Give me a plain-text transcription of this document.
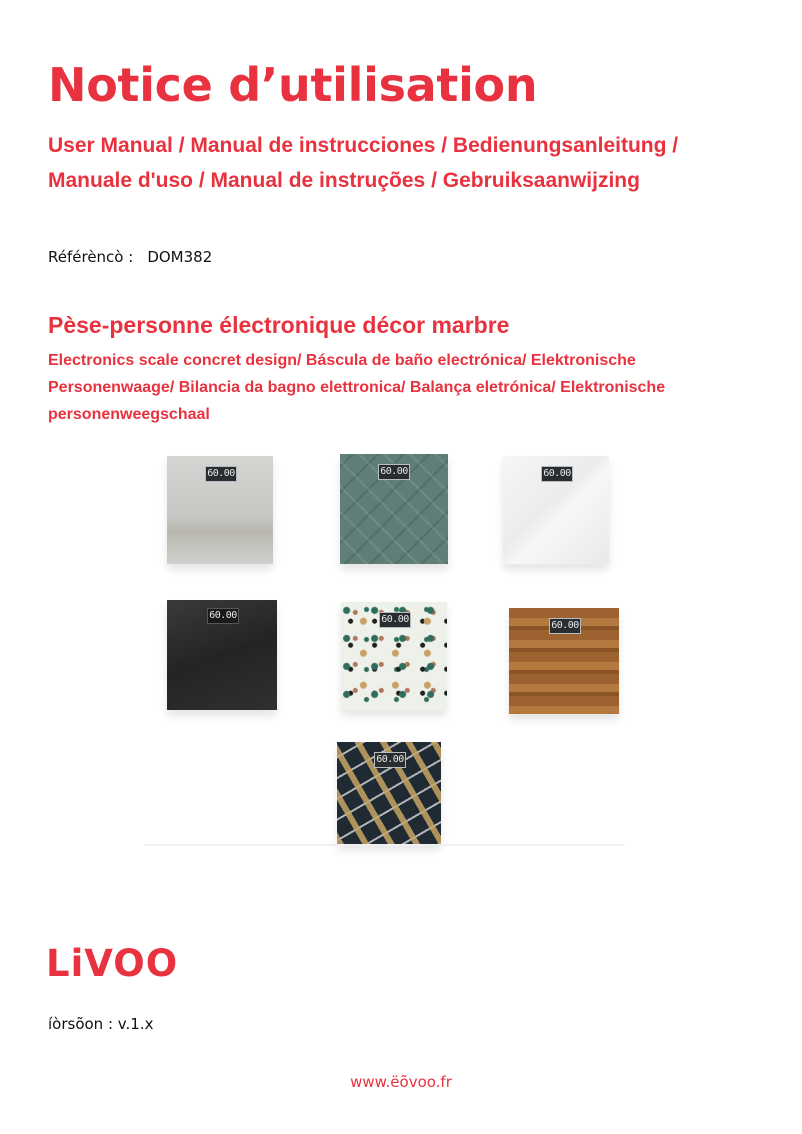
Notice d’utilisation
User Manual / Manual de instrucciones / Bedienungsanleitung /
Manuale d'uso / Manual de instruções / Gebruiksaanwijzing
Référèncò : DOM382
Pèse-personne électronique décor marbre
Electronics scale concret design/ Báscula de baño electrónica/ Elektronische
Personenwaage/ Bilancia da bagno elettronica/ Balança eletrónica/ Elektronische
personenweegschaal
60.00	60.00	60.00
60.00	60.00
60.00
60.00
LiVOO
íòrsõon : v.1.x
www.ëõvoo.fr
